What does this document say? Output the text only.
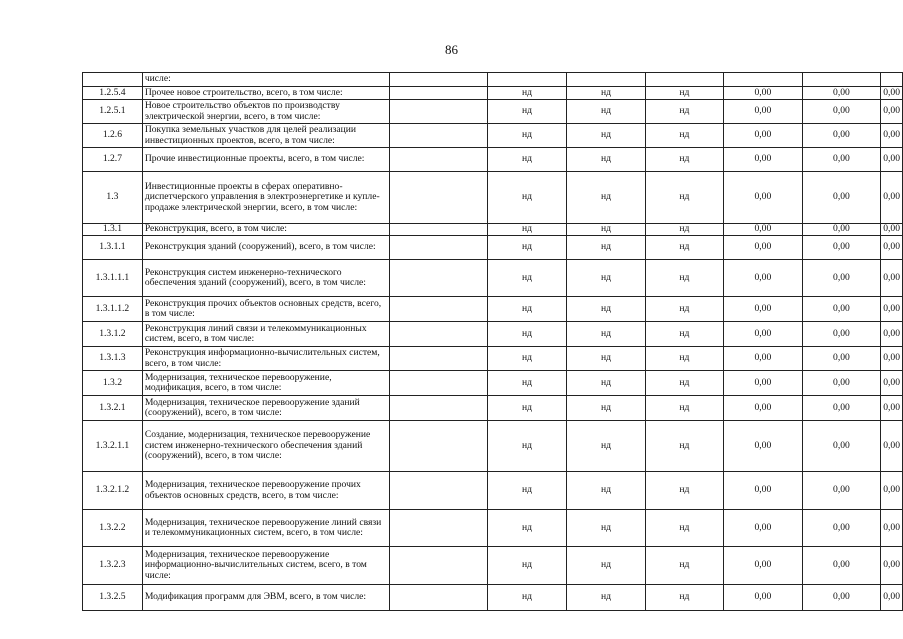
86
	числе:							
1.2.5.4	Прочее новое строительство, всего, в том числе:		нд	нд	нд	0,00	0,00	0,00
1.2.5.1	Новое строительство объектов по производству электрической энергии, всего, в том числе:		нд	нд	нд	0,00	0,00	0,00
1.2.6	Покупка земельных участков для целей реализации инвестиционных проектов, всего, в том числе:		нд	нд	нд	0,00	0,00	0,00
1.2.7	Прочие инвестиционные проекты, всего, в том числе:		нд	нд	нд	0,00	0,00	0,00
1.3	Инвестиционные проекты в сферах оперативно-диспетчерского управления в электроэнергетике и купле-продаже электрической энергии, всего, в том числе:		нд	нд	нд	0,00	0,00	0,00
1.3.1	Реконструкция, всего, в том числе:		нд	нд	нд	0,00	0,00	0,00
1.3.1.1	Реконструкция зданий (сооружений), всего, в том числе:		нд	нд	нд	0,00	0,00	0,00
1.3.1.1.1	Реконструкция систем инженерно-технического обеспечения зданий (сооружений), всего, в том числе:		нд	нд	нд	0,00	0,00	0,00
1.3.1.1.2	Реконструкция прочих объектов основных средств, всего, в том числе:		нд	нд	нд	0,00	0,00	0,00
1.3.1.2	Реконструкция линий связи и телекоммуникационных систем, всего, в том числе:		нд	нд	нд	0,00	0,00	0,00
1.3.1.3	Реконструкция информационно-вычислительных систем, всего, в том числе:		нд	нд	нд	0,00	0,00	0,00
1.3.2	Модернизация, техническое перевооружение, модификация, всего, в том числе:		нд	нд	нд	0,00	0,00	0,00
1.3.2.1	Модернизация, техническое перевооружение зданий (сооружений), всего, в том числе:		нд	нд	нд	0,00	0,00	0,00
1.3.2.1.1	Создание, модернизация, техническое перевооружение систем инженерно-технического обеспечения зданий (сооружений), всего, в том числе:		нд	нд	нд	0,00	0,00	0,00
1.3.2.1.2	Модернизация, техническое перевооружение прочих объектов основных средств, всего, в том числе:		нд	нд	нд	0,00	0,00	0,00
1.3.2.2	Модернизация, техническое перевооружение линий связи и телекоммуникационных систем, всего, в том числе:		нд	нд	нд	0,00	0,00	0,00
1.3.2.3	Модернизация, техническое перевооружение информационно-вычислительных систем, всего, в том числе:		нд	нд	нд	0,00	0,00	0,00
1.3.2.5	Модификация программ для ЭВМ, всего, в том числе:		нд	нд	нд	0,00	0,00	0,00
